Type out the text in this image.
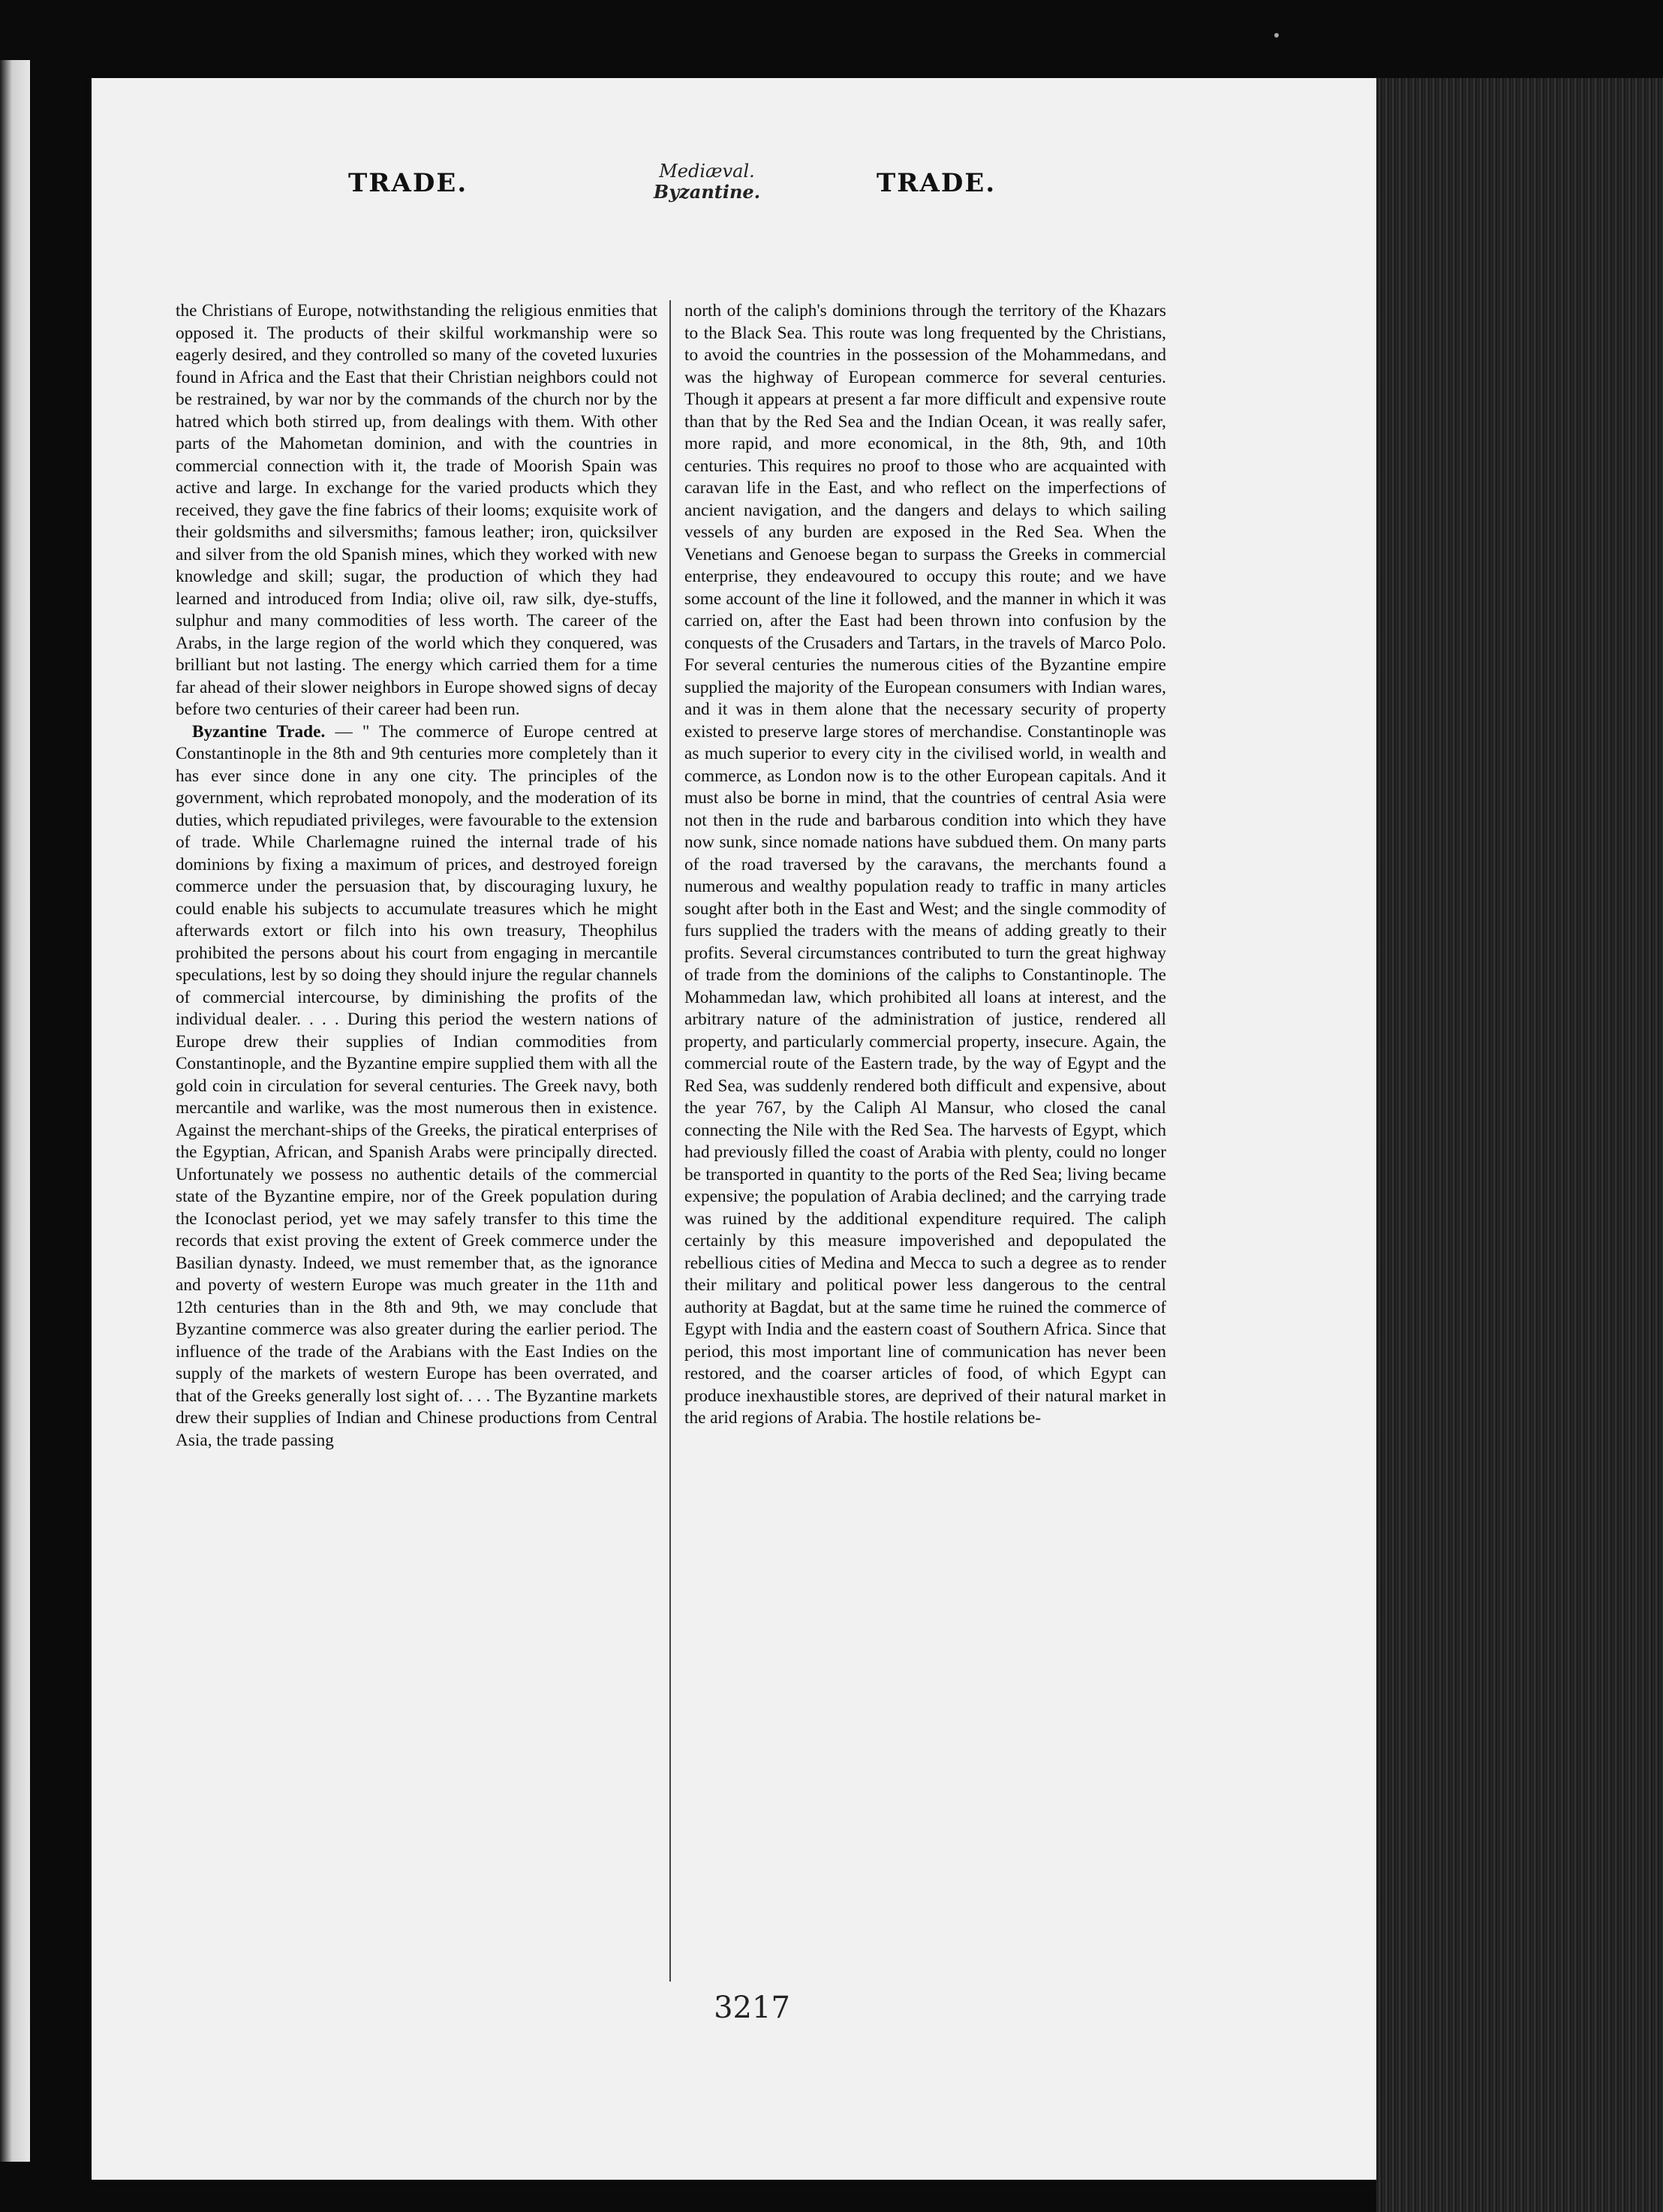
TRADE.	Mediæval.
Byzantine.	TRADE.

the Christians of Europe, notwithstanding the religious enmities that opposed it. The products of their skilful workmanship were so eagerly desired, and they controlled so many of the coveted luxuries found in Africa and the East that their Christian neighbors could not be restrained, by war nor by the commands of the church nor by the hatred which both stirred up, from dealings with them. With other parts of the Mahometan dominion, and with the countries in commercial connection with it, the trade of Moorish Spain was active and large. In exchange for the varied products which they received, they gave the fine fabrics of their looms; exquisite work of their goldsmiths and silversmiths; famous leather; iron, quicksilver and silver from the old Spanish mines, which they worked with new knowledge and skill; sugar, the production of which they had learned and introduced from India; olive oil, raw silk, dye-stuffs, sulphur and many commodities of less worth. The career of the Arabs, in the large region of the world which they conquered, was brilliant but not lasting. The energy which carried them for a time far ahead of their slower neighbors in Europe showed signs of decay before two centuries of their career had been run.

Byzantine Trade. — " The commerce of Europe centred at Constantinople in the 8th and 9th centuries more completely than it has ever since done in any one city. The principles of the government, which reprobated monopoly, and the moderation of its duties, which repudiated privileges, were favourable to the extension of trade. While Charlemagne ruined the internal trade of his dominions by fixing a maximum of prices, and destroyed foreign commerce under the persuasion that, by discouraging luxury, he could enable his subjects to accumulate treasures which he might afterwards extort or filch into his own treasury, Theophilus prohibited the persons about his court from engaging in mercantile speculations, lest by so doing they should injure the regular channels of commercial intercourse, by diminishing the profits of the individual dealer. . . . During this period the western nations of Europe drew their supplies of Indian commodities from Constantinople, and the Byzantine empire supplied them with all the gold coin in circulation for several centuries. The Greek navy, both mercantile and warlike, was the most numerous then in existence. Against the merchant-ships of the Greeks, the piratical enterprises of the Egyptian, African, and Spanish Arabs were principally directed. Unfortunately we possess no authentic details of the commercial state of the Byzantine empire, nor of the Greek population during the Iconoclast period, yet we may safely transfer to this time the records that exist proving the extent of Greek commerce under the Basilian dynasty. Indeed, we must remember that, as the ignorance and poverty of western Europe was much greater in the 11th and 12th centuries than in the 8th and 9th, we may conclude that Byzantine commerce was also greater during the earlier period. The influence of the trade of the Arabians with the East Indies on the supply of the markets of western Europe has been overrated, and that of the Greeks generally lost sight of. . . . The Byzantine markets drew their supplies of Indian and Chinese productions from Central Asia, the trade passing

north of the caliph's dominions through the territory of the Khazars to the Black Sea. This route was long frequented by the Christians, to avoid the countries in the possession of the Mohammedans, and was the highway of European commerce for several centuries. Though it appears at present a far more difficult and expensive route than that by the Red Sea and the Indian Ocean, it was really safer, more rapid, and more economical, in the 8th, 9th, and 10th centuries. This requires no proof to those who are acquainted with caravan life in the East, and who reflect on the imperfections of ancient navigation, and the dangers and delays to which sailing vessels of any burden are exposed in the Red Sea. When the Venetians and Genoese began to surpass the Greeks in commercial enterprise, they endeavoured to occupy this route; and we have some account of the line it followed, and the manner in which it was carried on, after the East had been thrown into confusion by the conquests of the Crusaders and Tartars, in the travels of Marco Polo. For several centuries the numerous cities of the Byzantine empire supplied the majority of the European consumers with Indian wares, and it was in them alone that the necessary security of property existed to preserve large stores of merchandise. Constantinople was as much superior to every city in the civilised world, in wealth and commerce, as London now is to the other European capitals. And it must also be borne in mind, that the countries of central Asia were not then in the rude and barbarous condition into which they have now sunk, since nomade nations have subdued them. On many parts of the road traversed by the caravans, the merchants found a numerous and wealthy population ready to traffic in many articles sought after both in the East and West; and the single commodity of furs supplied the traders with the means of adding greatly to their profits. Several circumstances contributed to turn the great highway of trade from the dominions of the caliphs to Constantinople. The Mohammedan law, which prohibited all loans at interest, and the arbitrary nature of the administration of justice, rendered all property, and particularly commercial property, insecure. Again, the commercial route of the Eastern trade, by the way of Egypt and the Red Sea, was suddenly rendered both difficult and expensive, about the year 767, by the Caliph Al Mansur, who closed the canal connecting the Nile with the Red Sea. The harvests of Egypt, which had previously filled the coast of Arabia with plenty, could no longer be transported in quantity to the ports of the Red Sea; living became expensive; the population of Arabia declined; and the carrying trade was ruined by the additional expenditure required. The caliph certainly by this measure impoverished and depopulated the rebellious cities of Medina and Mecca to such a degree as to render their military and political power less dangerous to the central authority at Bagdat, but at the same time he ruined the commerce of Egypt with India and the eastern coast of Southern Africa. Since that period, this most important line of communication has never been restored, and the coarser articles of food, of which Egypt can produce inexhaustible stores, are deprived of their natural market in the arid regions of Arabia. The hostile relations be-

3217
